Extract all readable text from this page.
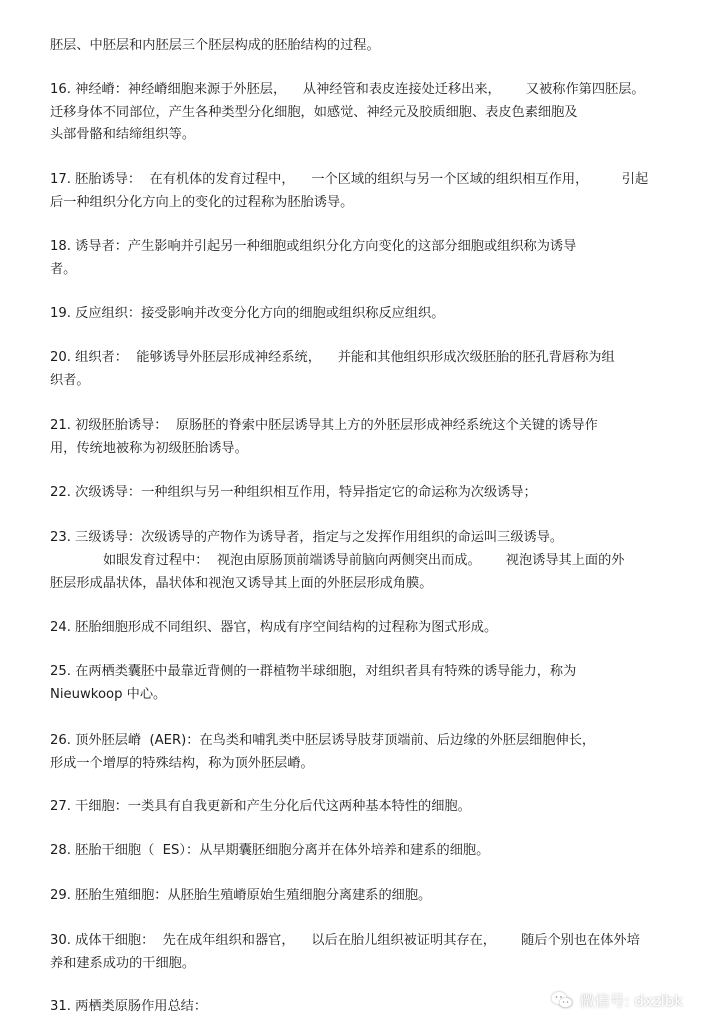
胚层、中胚层和内胚层三个胚层构成的胚胎结构的过程。
16. 神经嵴：神经嵴细胞来源于外胚层，    从神经管和表皮连接处迁移出来，      又被称作第四胚层。
迁移身体不同部位，产生各种类型分化细胞，如感觉、神经元及胶质细胞、表皮色素细胞及
头部骨骼和结缔组织等。
17. 胚胎诱导：  在有机体的发育过程中，    一个区域的组织与另一个区域的组织相互作用，        引起
后一种组织分化方向上的变化的过程称为胚胎诱导。
18. 诱导者：产生影响并引起另一种细胞或组织分化方向变化的这部分细胞或组织称为诱导
者。
19. 反应组织：接受影响并改变分化方向的细胞或组织称反应组织。
20. 组织者：  能够诱导外胚层形成神经系统，    并能和其他组织形成次级胚胎的胚孔背唇称为组
织者。
21. 初级胚胎诱导：  原肠胚的脊索中胚层诱导其上方的外胚层形成神经系统这个关键的诱导作
用，传统地被称为初级胚胎诱导。
22. 次级诱导：一种组织与另一种组织相互作用，特异指定它的命运称为次级诱导；
23. 三级诱导：次级诱导的产物作为诱导者，指定与之发挥作用组织的命运叫三级诱导。
如眼发育过程中：  视泡由原肠顶前端诱导前脑向两侧突出而成。      视泡诱导其上面的外
胚层形成晶状体，晶状体和视泡又诱导其上面的外胚层形成角膜。
24. 胚胎细胞形成不同组织、器官，构成有序空间结构的过程称为图式形成。
25. 在两栖类囊胚中最靠近背侧的一群植物半球细胞，对组织者具有特殊的诱导能力，称为
Nieuwkoop 中心。
26. 顶外胚层嵴  (AER)：在鸟类和哺乳类中胚层诱导肢芽顶端前、后边缘的外胚层细胞伸长，
形成一个增厚的特殊结构，称为顶外胚层嵴。
27. 干细胞：一类具有自我更新和产生分化后代这两种基本特性的细胞。
28. 胚胎干细胞（  ES）：从早期囊胚细胞分离并在体外培养和建系的细胞。
29. 胚胎生殖细胞：从胚胎生殖嵴原始生殖细胞分离建系的细胞。
30. 成体干细胞：  先在成年组织和器官，    以后在胎儿组织被证明其存在，      随后个别也在体外培
养和建系成功的干细胞。
31. 两栖类原肠作用总结：	微信号: dxzlbk
